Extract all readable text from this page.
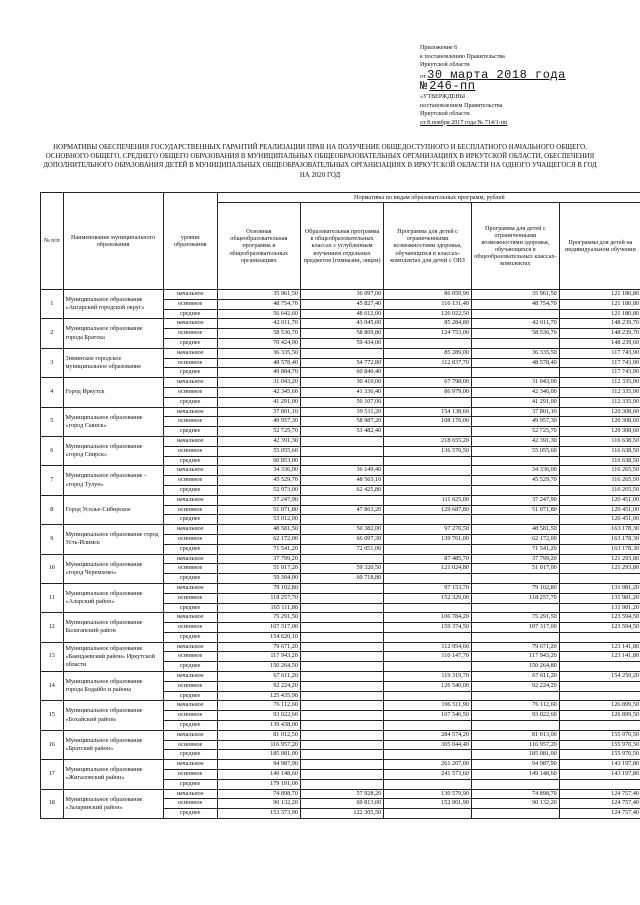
Приложение 6
к постановлению Правительства
Иркутской области
от 30 марта 2018 года
№ 246-пп
«УТВЕРЖДЕНЫ
постановлением Правительства
Иркутской области
от 8 ноября 2017 года № 714/1-пп
НОРМАТИВЫ ОБЕСПЕЧЕНИЯ ГОСУДАРСТВЕННЫХ ГАРАНТИЙ РЕАЛИЗАЦИИ ПРАВ НА ПОЛУЧЕНИЕ ОБЩЕДОСТУПНОГО И БЕСПЛАТНОГО НАЧАЛЬНОГО ОБЩЕГО, ОСНОВНОГО ОБЩЕГО, СРЕДНЕГО ОБЩЕГО ОБРАЗОВАНИЯ В МУНИЦИПАЛЬНЫХ ОБЩЕОБРАЗОВАТЕЛЬНЫХ ОРГАНИЗАЦИЯХ В ИРКУТСКОЙ ОБЛАСТИ, ОБЕСПЕЧЕНИЯ ДОПОЛНИТЕЛЬНОГО ОБРАЗОВАНИЯ ДЕТЕЙ В МУНИЦИПАЛЬНЫХ ОБЩЕОБРАЗОВАТЕЛЬНЫХ ОРГАНИЗАЦИЯХ В ИРКУТСКОЙ ОБЛАСТИ НА ОДНОГО УЧАЩЕГОСЯ В ГОД НА 2020 ГОД
№ п/п	Наименование муниципального образования	уровни образования	Нормативы по видам образовательных программ, рублей				
			Основная общеобразовательная программа в общеобразовательных организациях	Образовательная программа в общеобразовательных классах с углубленным изучением отдельных предметов (гимназии, лицеи)	Программа для детей с ограниченными возможностями здоровья, обучающихся в классах-комплектах для детей с ОВЗ	Программа для детей с ограниченными возможностями здоровья, обучающихся в общеобразовательных классах-комплектах	Программа для детей на индивидуальном обучении
1	Муниципальное образование «Ангарский городской округ»	начальное	35 961,50	36 097,00	86 059,90	35 961,50	121 180,80
		основное	48 754,70	45 827,40	116 131,40	48 754,70	121 180,80
		среднее	56 642,60	48 612,00	126 022,50		121 180,80
2	Муниципальное образование города Братска	начальное	42 011,70	43 045,00	85 284,80	42 011,70	148 239,70
		основное	58 536,70	58 869,80	124 753,00	58 536,70	148 239,70
		среднее	70 424,90	59 434,00			148 239,60
3	Зиминское городское муниципальное образование	начальное	36 335,50		85 289,00	36 335,50	117 743,90
		основное	48 578,40	54 772,80	112 837,70	48 578,40	117 743,90
		среднее	49 884,70	60 840,40			117 743,90
4	Город Иркутск	начальное	31 043,20	30 410,00	67 798,00	31 043,00	112 335,90
		основное	42 345,60	41 336,40	86 979,00	42 346,00	112 335,90
		среднее	41 291,00	50 107,00		41 291,00	112 335,90
5	Муниципальное образование «город Саянск»	начальное	37 801,10	39 511,20	154 138,60	37 801,10	120 308,60
		основное	49 957,30	58 987,20	108 176,00	49 957,30	120 308,60
		среднее	52 725,70	53 482,40		52 725,70	120 308,60
6	Муниципальное образование «город Свирск»	начальное	42 391,30		218 655,20	42 391,30	116 638,50
		основное	55 055,60		136 570,50	55 055,60	116 638,50
		среднее	60 853,00				116 638,50
7	Муниципальное образование - «город Тулун»	начальное	34 336,00	36 149,40		34 336,00	116 265,50
		основное	45 529,70	48 565,10		45 529,70	116 265,50
		среднее	52 973,00	62 425,80			116 265,50
8	Город Усолье-Сибирское	начальное	37 247,90		111 625,00	37 247,90	120 451,00
		основное	51 071,80	47 863,20	129 687,80	51 071,80	120 451,00
		среднее	53 012,00				120 451,00
9	Муниципальное образование город Усть-Илимск	начальное	48 581,50	50 382,00	97 270,50	48 581,50	163 178,30
		основное	62 172,00	66 097,30	139 761,00	62 172,00	163 178,30
		среднее	71 541,20	72 051,00		71 541,20	163 178,30
10	Муниципальное образование «город Черемхово»	начальное	37 799,20		87 485,70	37 799,20	121 293,80
		основное	51 017,20	59 320,50	121 024,80	51 017,00	121 293,80
		среднее	59 304,00	60 718,80			
11	Муниципальное образование «Аларский район»	начальное	79 102,80		97 153,70	79 102,80	131 981,20
		основное	118 257,70		152 329,00	118 257,70	131 981,20
		среднее	165 111,80				131 981,20
12	Муниципальное образование Балаганский район	начальное	75 291,50		106 784,20	75 291,50	123 594,50
		основное	107 317,00		159 374,50	107 317,00	123 594,50
		среднее	154 620,10				
13	Муниципальное образование «Баяндаевский район» Иркутской области	начальное	79 671,20		112 954,60	79 671,20	123 141,80
		основное	117 943,20		110 147,70	117 943,20	123 141,80
		среднее	150 264,50			150 264,80	
14	Муниципальное образование города Бодайбо и района	начальное	67 611,20		119 319,70	67 611,20	154 250,20
		основное	92 224,20		126 540,00	92 224,20	
		среднее	125 435,90				
15	Муниципальное образование «Бохайский район»	начальное	76 112,60		196 511,90	76 112,60	126 899,50
		основное	93 022,60		167 546,50	93 022,60	126 899,50
		среднее	139 438,00				
16	Муниципальное образование «Братский район»	начальное	81 012,50		284 574,20	81 013,00	155 970,50
		основное	116 957,20		305 044,40	116 957,20	155 970,50
		среднее	185 081,00			185 081,00	155 970,50
17	Муниципальное образование «Жигаловский район»	начальное	94 987,90		261 207,00	94 987,90	143 197,80
		основное	149 148,60		241 573,60	149 148,60	143 197,80
		среднее	179 191,00				
18	Муниципальное образование «Заларинский район»	начальное	74 898,70	57 928,20	130 579,90	74 898,70	124 757,40
		основное	90 132,20	69 813,00	152 901,90	90 132,20	124 757,40
		среднее	153 373,90	122 305,50			124 757,40
